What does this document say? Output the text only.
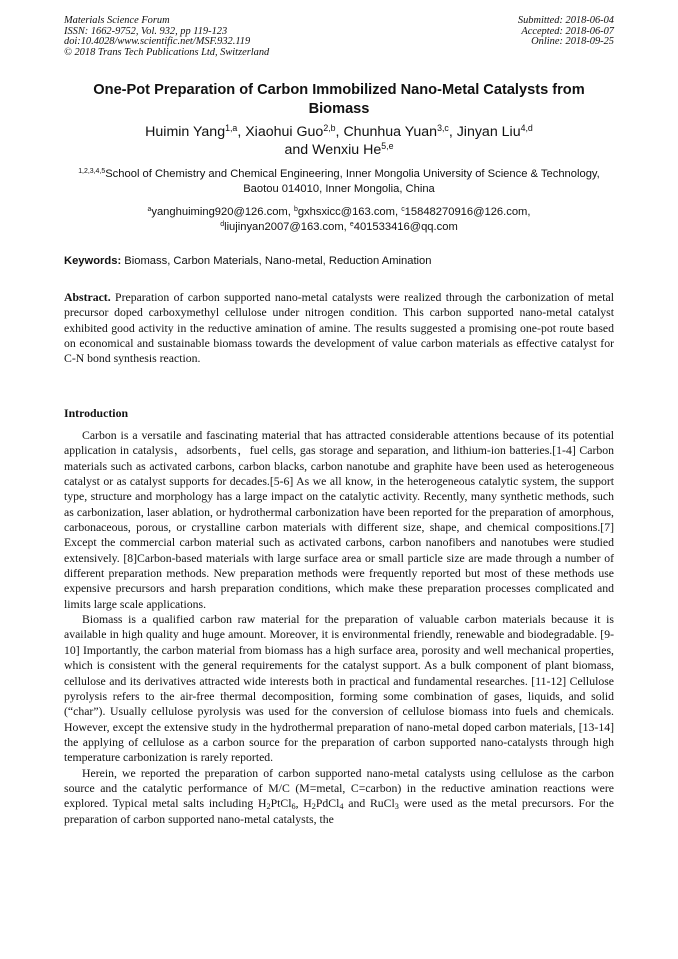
Materials Science Forum
ISSN: 1662-9752, Vol. 932, pp 119-123
doi:10.4028/www.scientific.net/MSF.932.119
© 2018 Trans Tech Publications Ltd, Switzerland
Submitted: 2018-06-04
Accepted: 2018-06-07
Online: 2018-09-25
One-Pot Preparation of Carbon Immobilized Nano-Metal Catalysts from Biomass
Huimin Yang$^{1,a}$, Xiaohui Guo$^{2,b}$, Chunhua Yuan$^{3,c}$, Jinyan Liu$^{4,d}$
and Wenxiu He$^{5,e}$
$^{1,2,3,4,5}$School of Chemistry and Chemical Engineering, Inner Mongolia University of Science & Technology, Baotou 014010, Inner Mongolia, China
$^a$yanghuiming920@126.com, $^b$gxhsxicc@163.com, $^c$15848270916@126.com,
$^d$liujinyan2007@163.com, $^e$401533416@qq.com
Keywords: Biomass, Carbon Materials, Nano-metal, Reduction Amination
Abstract. Preparation of carbon supported nano-metal catalysts were realized through the carbonization of metal precursor doped carboxymethyl cellulose under nitrogen condition. This carbon supported nano-metal catalyst exhibited good activity in the reductive amination of amine. The results suggested a promising one-pot route based on economical and sustainable biomass towards the development of value carbon materials as effective catalyst for C-N bond synthesis reaction.
Introduction

Carbon is a versatile and fascinating material that has attracted considerable attentions because of its potential application in catalysis，adsorbents，fuel cells, gas storage and separation, and lithium-ion batteries.[1-4] Carbon materials such as activated carbons, carbon blacks, carbon nanotube and graphite have been used as heterogeneous catalyst or as catalyst supports for decades.[5-6] As we all know, in the heterogeneous catalytic system, the support type, structure and morphology has a large impact on the catalytic activity. Recently, many synthetic methods, such as carbonization, laser ablation, or hydrothermal carbonization have been reported for the preparation of amorphous, carbonaceous, porous, or crystalline carbon materials with different size, shape, and chemical compositions.[7] Except the commercial carbon material such as activated carbons, carbon nanofibers and nanotubes were studied extensively. [8]Carbon-based materials with large surface area or small particle size are made through a number of different preparation methods. New preparation methods were frequently reported but most of these methods use expensive precursors and harsh preparation conditions, which make these preparation processes complicated and limits large scale applications.

Biomass is a qualified carbon raw material for the preparation of valuable carbon materials because it is available in high quality and huge amount. Moreover, it is environmental friendly, renewable and biodegradable. [9-10] Importantly, the carbon material from biomass has a high surface area, porosity and well mechanical properties, which is consistent with the general requirements for the catalyst support. As a bulk component of plant biomass, cellulose and its derivatives attracted wide interests both in practical and fundamental researches. [11-12] Cellulose pyrolysis refers to the air-free thermal decomposition, forming some combination of gases, liquids, and solid (“char”). Usually cellulose pyrolysis was used for the conversion of cellulose biomass into fuels and chemicals. However, except the extensive study in the hydrothermal preparation of nano-metal doped carbon materials, [13-14] the applying of cellulose as a carbon source for the preparation of carbon supported nano-catalysts through high temperature carbonization is rarely reported.

Herein, we reported the preparation of carbon supported nano-metal catalysts using cellulose as the carbon source and the catalytic performance of M/C (M=metal, C=carbon) in the reductive amination reactions were explored. Typical metal salts including $H_2PtCl_6$, $H_2PdCl_4$ and RuCl$_3$ were used as the metal precursors. For the preparation of carbon supported nano-metal catalysts, the
